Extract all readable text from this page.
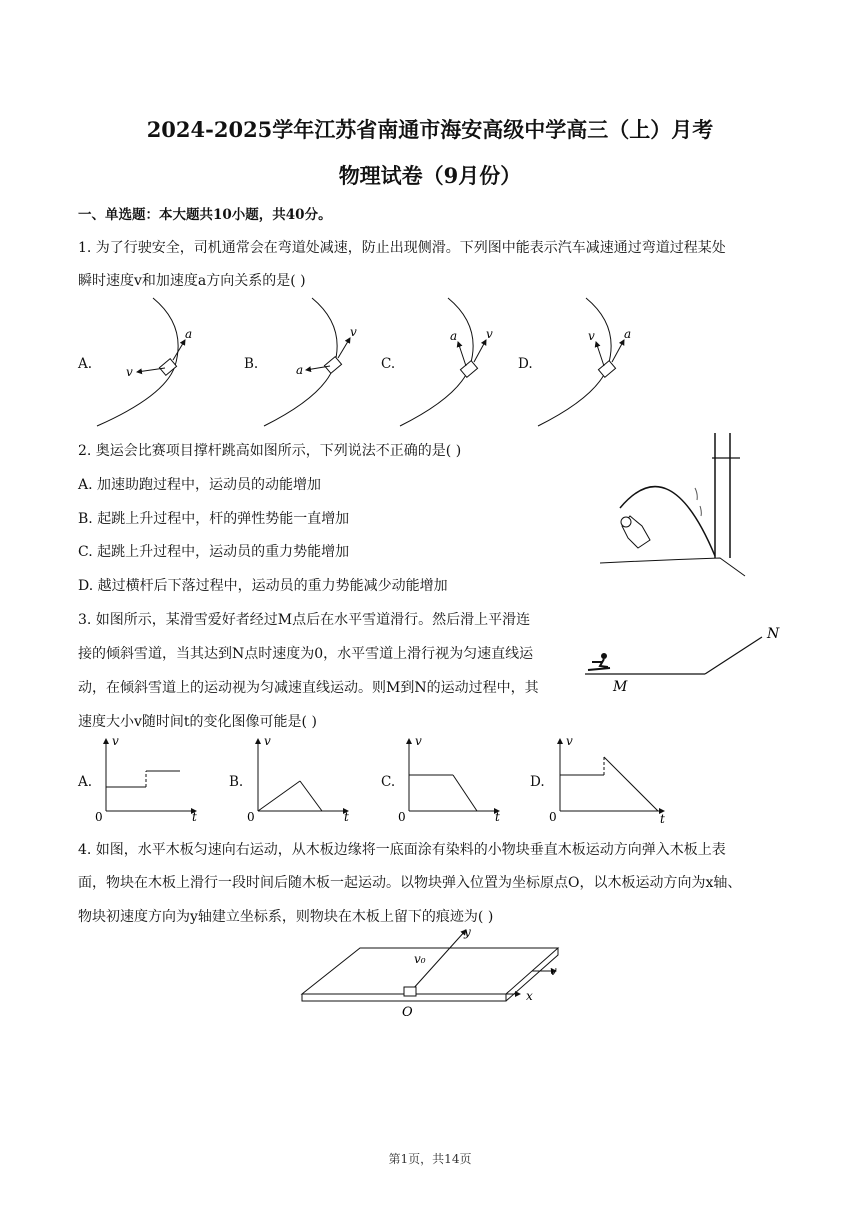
2024-2025学年江苏省南通市海安高级中学高三（上）月考
物理试卷（9月份）
一、单选题：本大题共10小题，共40分。
1. 为了行驶安全，司机通常会在弯道处减速，防止出现侧滑。下列图中能表示汽车减速通过弯道过程某处
瞬时速度v和加速度a方向关系的是( )
A.	B.	C.	D.
v
a
a
v	a v	v a
2. 奥运会比赛项目撑杆跳高如图所示，下列说法不正确的是( )
A. 加速助跑过程中，运动员的动能增加
B. 起跳上升过程中，杆的弹性势能一直增加
C. 起跳上升过程中，运动员的重力势能增加
D. 越过横杆后下落过程中，运动员的重力势能减少动能增加
3. 如图所示，某滑雪爱好者经过M点后在水平雪道滑行。然后滑上平滑连
接的倾斜雪道，当其达到N点时速度为0，水平雪道上滑行视为匀速直线运
动，在倾斜雪道上的运动视为匀减速直线运动。则M到N的运动过程中，其
速度大小v随时间t的变化图像可能是( )
M
N
A.	B.	C.	D.
v
t
0
v
t
0
v
t
0
v
t
0
4. 如图，水平木板匀速向右运动，从木板边缘将一底面涂有染料的小物块垂直木板运动方向弹入木板上表
面，物块在木板上滑行一段时间后随木板一起运动。以物块弹入位置为坐标原点O，以木板运动方向为x轴、
物块初速度方向为y轴建立坐标系，则物块在木板上留下的痕迹为( )
y
x
v
v₀
O
第1页，共14页
